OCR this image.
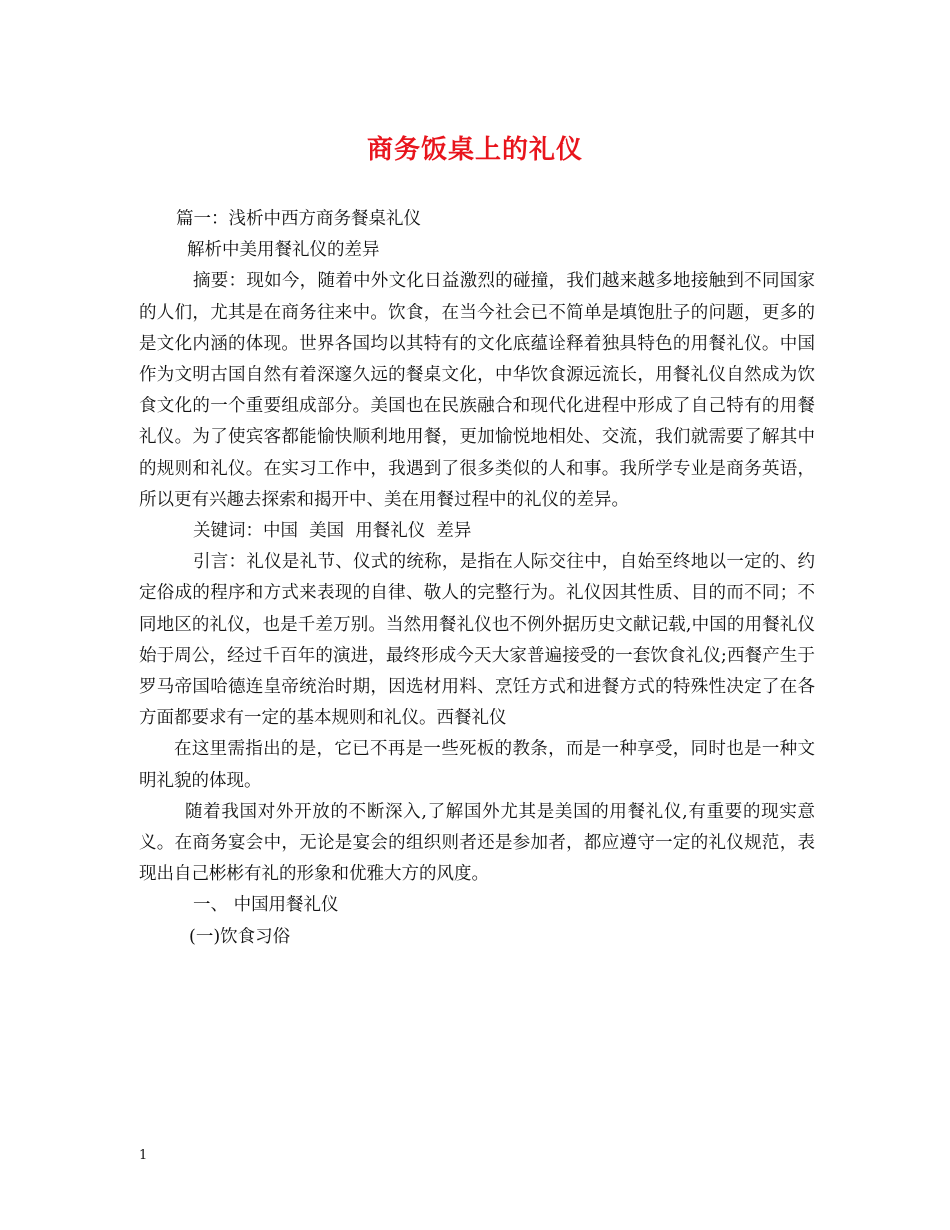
商务饭桌上的礼仪

篇一：浅析中西方商务餐桌礼仪

解析中美用餐礼仪的差异

摘要：现如今，随着中外文化日益激烈的碰撞，我们越来越多地接触到不同国家的人们，尤其是在商务往来中。饮食，在当今社会已不简单是填饱肚子的问题，更多的是文化内涵的体现。世界各国均以其特有的文化底蕴诠释着独具特色的用餐礼仪。中国作为文明古国自然有着深邃久远的餐桌文化，中华饮食源远流长，用餐礼仪自然成为饮食文化的一个重要组成部分。美国也在民族融合和现代化进程中形成了自己特有的用餐礼仪。为了使宾客都能愉快顺利地用餐，更加愉悦地相处、交流，我们就需要了解其中的规则和礼仪。在实习工作中，我遇到了很多类似的人和事。我所学专业是商务英语，所以更有兴趣去探索和揭开中、美在用餐过程中的礼仪的差异。

关键词：中国  美国  用餐礼仪  差异

引言：礼仪是礼节、仪式的统称，是指在人际交往中，自始至终地以一定的、约定俗成的程序和方式来表现的自律、敬人的完整行为。礼仪因其性质、目的而不同；不同地区的礼仪，也是千差万别。当然用餐礼仪也不例外据历史文献记载,中国的用餐礼仪始于周公，经过千百年的演进，最终形成今天大家普遍接受的一套饮食礼仪;西餐产生于罗马帝国哈德连皇帝统治时期，因选材用料、烹饪方式和进餐方式的特殊性决定了在各方面都要求有一定的基本规则和礼仪。西餐礼仪

在这里需指出的是，它已不再是一些死板的教条，而是一种享受，同时也是一种文明礼貌的体现。

随着我国对外开放的不断深入,了解国外尤其是美国的用餐礼仪,有重要的现实意义。在商务宴会中，无论是宴会的组织则者还是参加者，都应遵守一定的礼仪规范，表现出自己彬彬有礼的形象和优雅大方的风度。

一、 中国用餐礼仪

(一)饮食习俗

1
